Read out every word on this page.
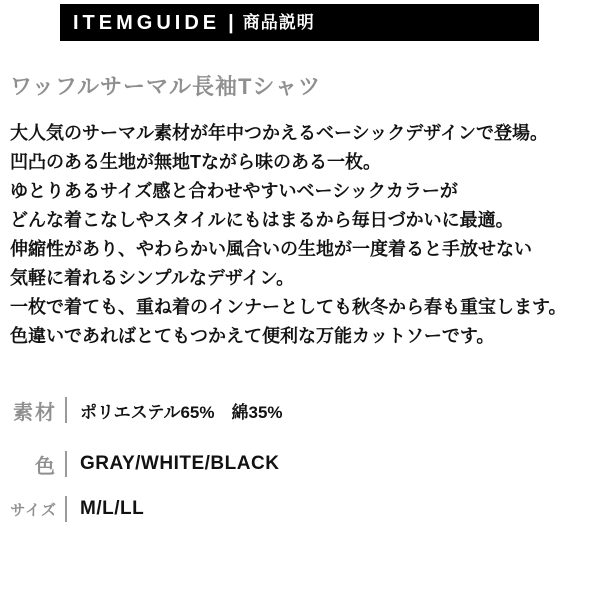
ITEMGUIDE | 商品説明
ワッフルサーマル長袖Tシャツ
大人気のサーマル素材が年中つかえるベーシックデザインで登場。
凹凸のある生地が無地Tながら味のある一枚。
ゆとりあるサイズ感と合わせやすいベーシックカラーが
どんな着こなしやスタイルにもはまるから毎日づかいに最適。
伸縮性があり、やわらかい風合いの生地が一度着ると手放せない
気軽に着れるシンプルなデザイン。
一枚で着ても、重ね着のインナーとしても秋冬から春も重宝します。
色違いであればとてもつかえて便利な万能カットソーです。
素材 ポリエステル65%　綿35%
色 GRAY/WHITE/BLACK
サイズ M/L/LL
